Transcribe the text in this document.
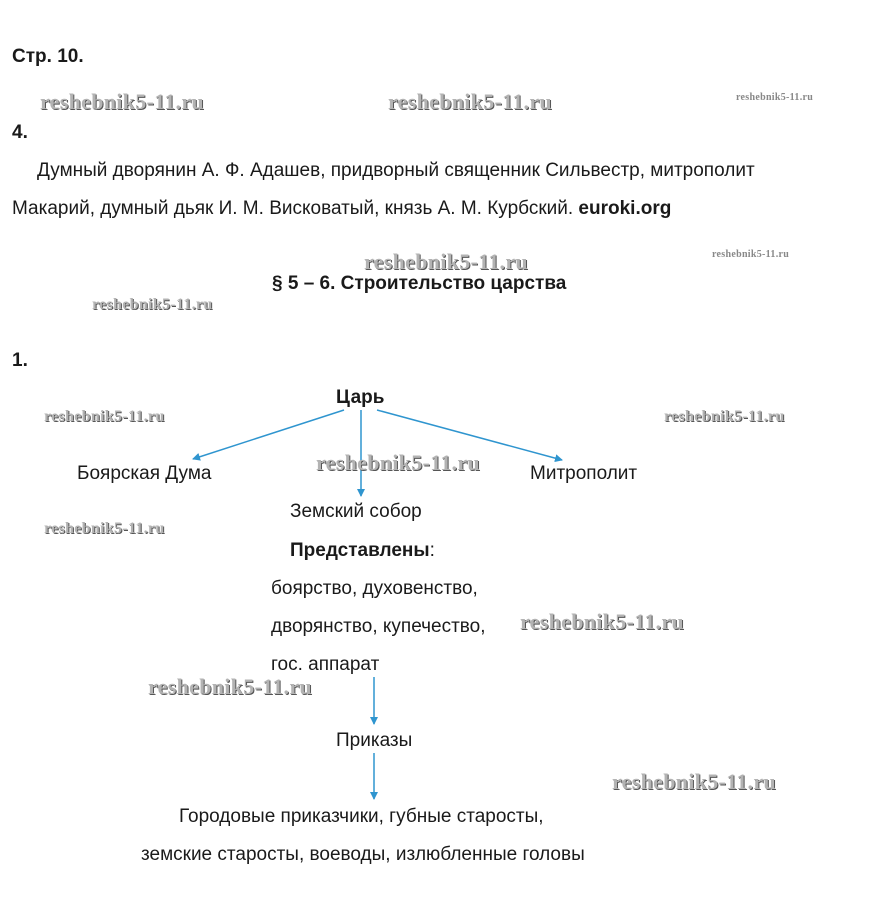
Стр. 10.
4.
Думный дворянин А. Ф. Адашев, придворный священник Сильвестр, митрополит
Макарий, думный дьяк И. М. Висковатый, князь А. М. Курбский. euroki.org
§ 5 – 6. Строительство царства
1.
Царь
Боярская Дума	Митрополит
Земский собор
Представлены:
боярство, духовенство,
дворянство, купечество,
гос. аппарат
Приказы
Городовые приказчики, губные старосты,
земские старосты, воеводы, излюбленные головы
reshebnik5-11.ru	reshebnik5-11.ru	reshebnik5-11.ru
reshebnik5-11.ru	reshebnik5-11.ru
reshebnik5-11.ru
reshebnik5-11.ru	reshebnik5-11.ru
reshebnik5-11.ru
reshebnik5-11.ru
reshebnik5-11.ru
reshebnik5-11.ru
reshebnik5-11.ru
